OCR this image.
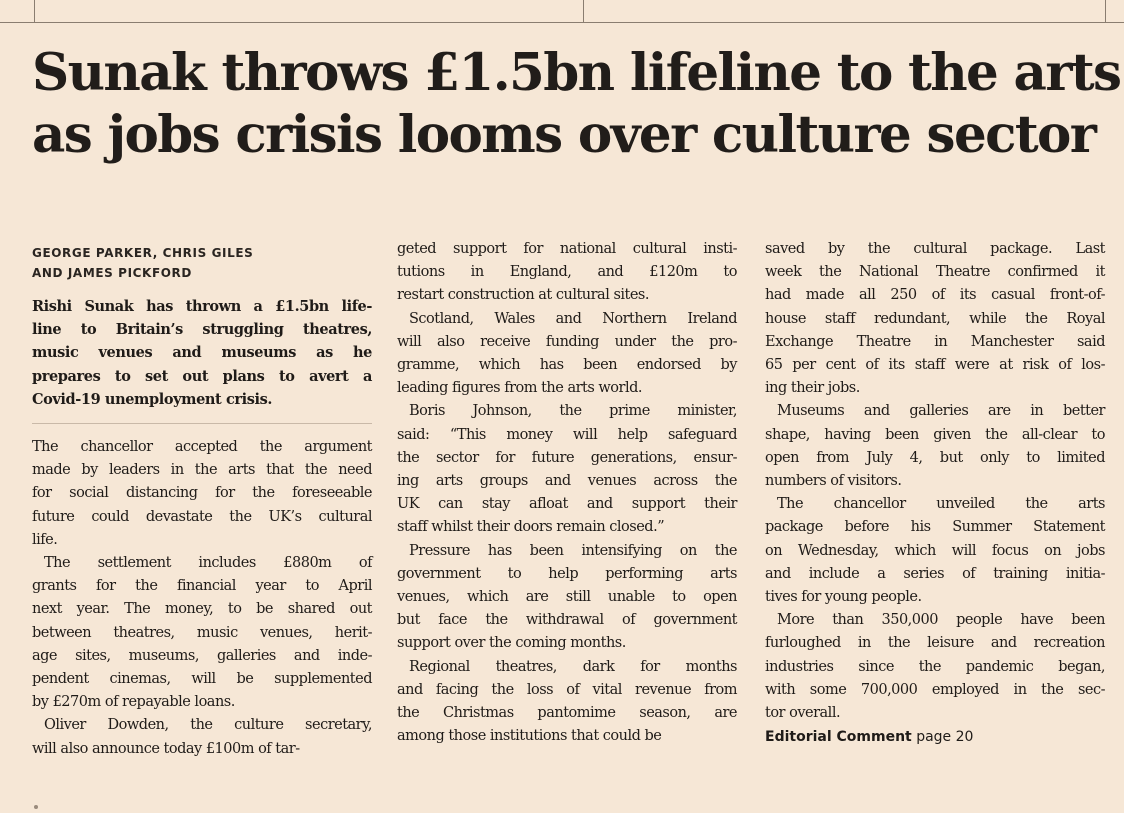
Sunak throws £1.5bn lifeline to the arts
as jobs crisis looms over culture sector
GEORGE PARKER, CHRIS GILES
AND JAMES PICKFORD
Rishi Sunak has thrown a £1.5bn life-
line to Britain’s struggling theatres,
music venues and museums as he
prepares to set out plans to avert a
Covid-19 unemployment crisis.
The chancellor accepted the argument
made by leaders in the arts that the need
for social distancing for the foreseeable
future could devastate the UK’s cultural
life.
The settlement includes £880m of
grants for the financial year to April
next year. The money, to be shared out
between theatres, music venues, herit-
age sites, museums, galleries and inde-
pendent cinemas, will be supplemented
by £270m of repayable loans.
Oliver Dowden, the culture secretary,
will also announce today £100m of tar-
geted support for national cultural insti-
tutions in England, and £120m to
restart construction at cultural sites.
Scotland, Wales and Northern Ireland
will also receive funding under the pro-
gramme, which has been endorsed by
leading figures from the arts world.
Boris Johnson, the prime minister,
said: “This money will help safeguard
the sector for future generations, ensur-
ing arts groups and venues across the
UK can stay afloat and support their
staff whilst their doors remain closed.”
Pressure has been intensifying on the
government to help performing arts
venues, which are still unable to open
but face the withdrawal of government
support over the coming months.
Regional theatres, dark for months
and facing the loss of vital revenue from
the Christmas pantomime season, are
among those institutions that could be
saved by the cultural package. Last
week the National Theatre confirmed it
had made all 250 of its casual front-of-
house staff redundant, while the Royal
Exchange Theatre in Manchester said
65 per cent of its staff were at risk of los-
ing their jobs.
Museums and galleries are in better
shape, having been given the all-clear to
open from July 4, but only to limited
numbers of visitors.
The chancellor unveiled the arts
package before his Summer Statement
on Wednesday, which will focus on jobs
and include a series of training initia-
tives for young people.
More than 350,000 people have been
furloughed in the leisure and recreation
industries since the pandemic began,
with some 700,000 employed in the sec-
tor overall.
Editorial Comment page 20
